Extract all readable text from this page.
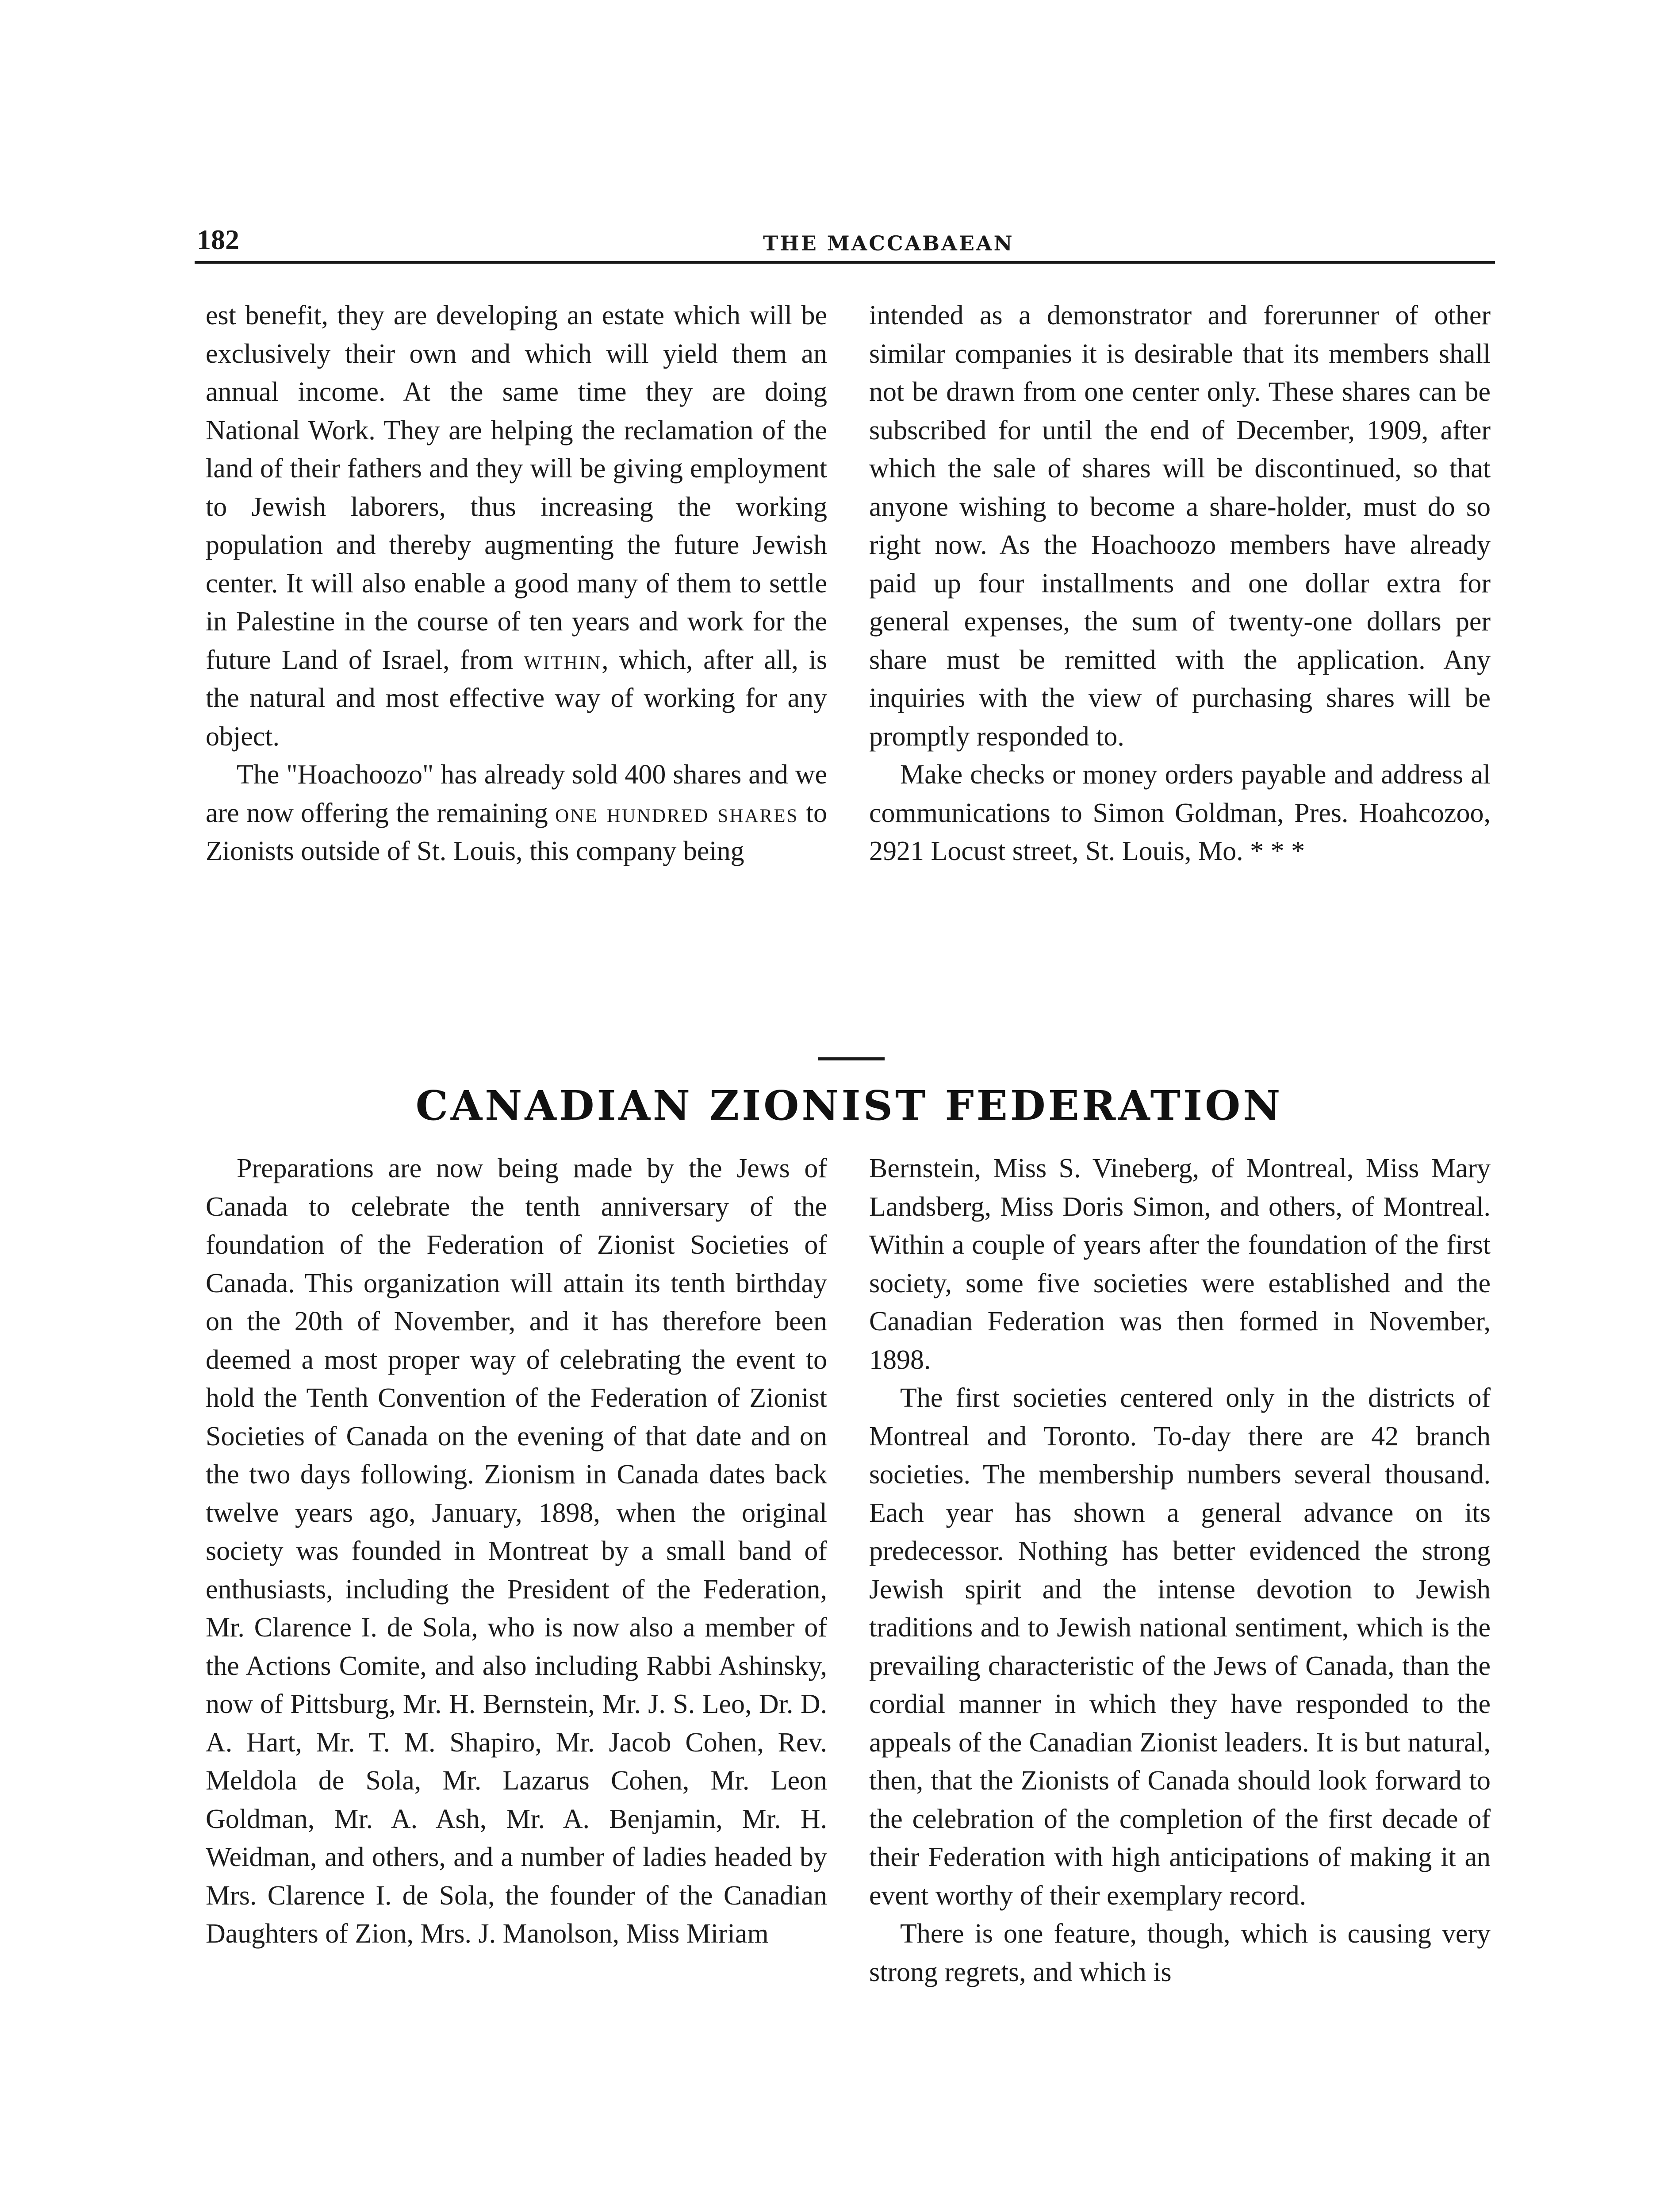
182	THE MACCABAEAN

est benefit, they are developing an estate which will be exclusively their own and which will yield them an annual income. At the same time they are doing National Work. They are helping the reclamation of the land of their fathers and they will be giving employment to Jewish laborers, thus increasing the working population and thereby augmenting the future Jewish center. It will also enable a good many of them to settle in Palestine in the course of ten years and work for the future Land of Israel, from within, which, after all, is the natural and most effective way of working for any object.

The "Hoachoozo" has already sold 400 shares and we are now offering the remaining one hundred shares to Zionists outside of St. Louis, this company being

intended as a demonstrator and forerunner of other similar companies it is desirable that its members shall not be drawn from one center only. These shares can be subscribed for until the end of December, 1909, after which the sale of shares will be discontinued, so that anyone wishing to become a share-holder, must do so right now. As the Hoachoozo members have already paid up four installments and one dollar extra for general expenses, the sum of twenty-one dollars per share must be remitted with the application. Any inquiries with the view of purchasing shares will be promptly responded to.

Make checks or money orders payable and address al communications to Simon Goldman, Pres. Hoahcozoo, 2921 Locust street, St. Louis, Mo. * * *

CANADIAN ZIONIST FEDERATION

Preparations are now being made by the Jews of Canada to celebrate the tenth anniversary of the foundation of the Federation of Zionist Societies of Canada. This organization will attain its tenth birthday on the 20th of November, and it has therefore been deemed a most proper way of celebrating the event to hold the Tenth Convention of the Federation of Zionist Societies of Canada on the evening of that date and on the two days following. Zionism in Canada dates back twelve years ago, January, 1898, when the original society was founded in Montreat by a small band of enthusiasts, including the President of the Federation, Mr. Clarence I. de Sola, who is now also a member of the Actions Comite, and also including Rabbi Ashinsky, now of Pittsburg, Mr. H. Bernstein, Mr. J. S. Leo, Dr. D. A. Hart, Mr. T. M. Shapiro, Mr. Jacob Cohen, Rev. Meldola de Sola, Mr. Lazarus Cohen, Mr. Leon Goldman, Mr. A. Ash, Mr. A. Benjamin, Mr. H. Weidman, and others, and a number of ladies headed by Mrs. Clarence I. de Sola, the founder of the Canadian Daughters of Zion, Mrs. J. Manolson, Miss Miriam

Bernstein, Miss S. Vineberg, of Montreal, Miss Mary Landsberg, Miss Doris Simon, and others, of Montreal. Within a couple of years after the foundation of the first society, some five societies were established and the Canadian Federation was then formed in November, 1898.

The first societies centered only in the districts of Montreal and Toronto. To-day there are 42 branch societies. The membership numbers several thousand. Each year has shown a general advance on its predecessor. Nothing has better evidenced the strong Jewish spirit and the intense devotion to Jewish traditions and to Jewish national sentiment, which is the prevailing characteristic of the Jews of Canada, than the cordial manner in which they have responded to the appeals of the Canadian Zionist leaders. It is but natural, then, that the Zionists of Canada should look forward to the celebration of the completion of the first decade of their Federation with high anticipations of making it an event worthy of their exemplary record.

There is one feature, though, which is causing very strong regrets, and which is
